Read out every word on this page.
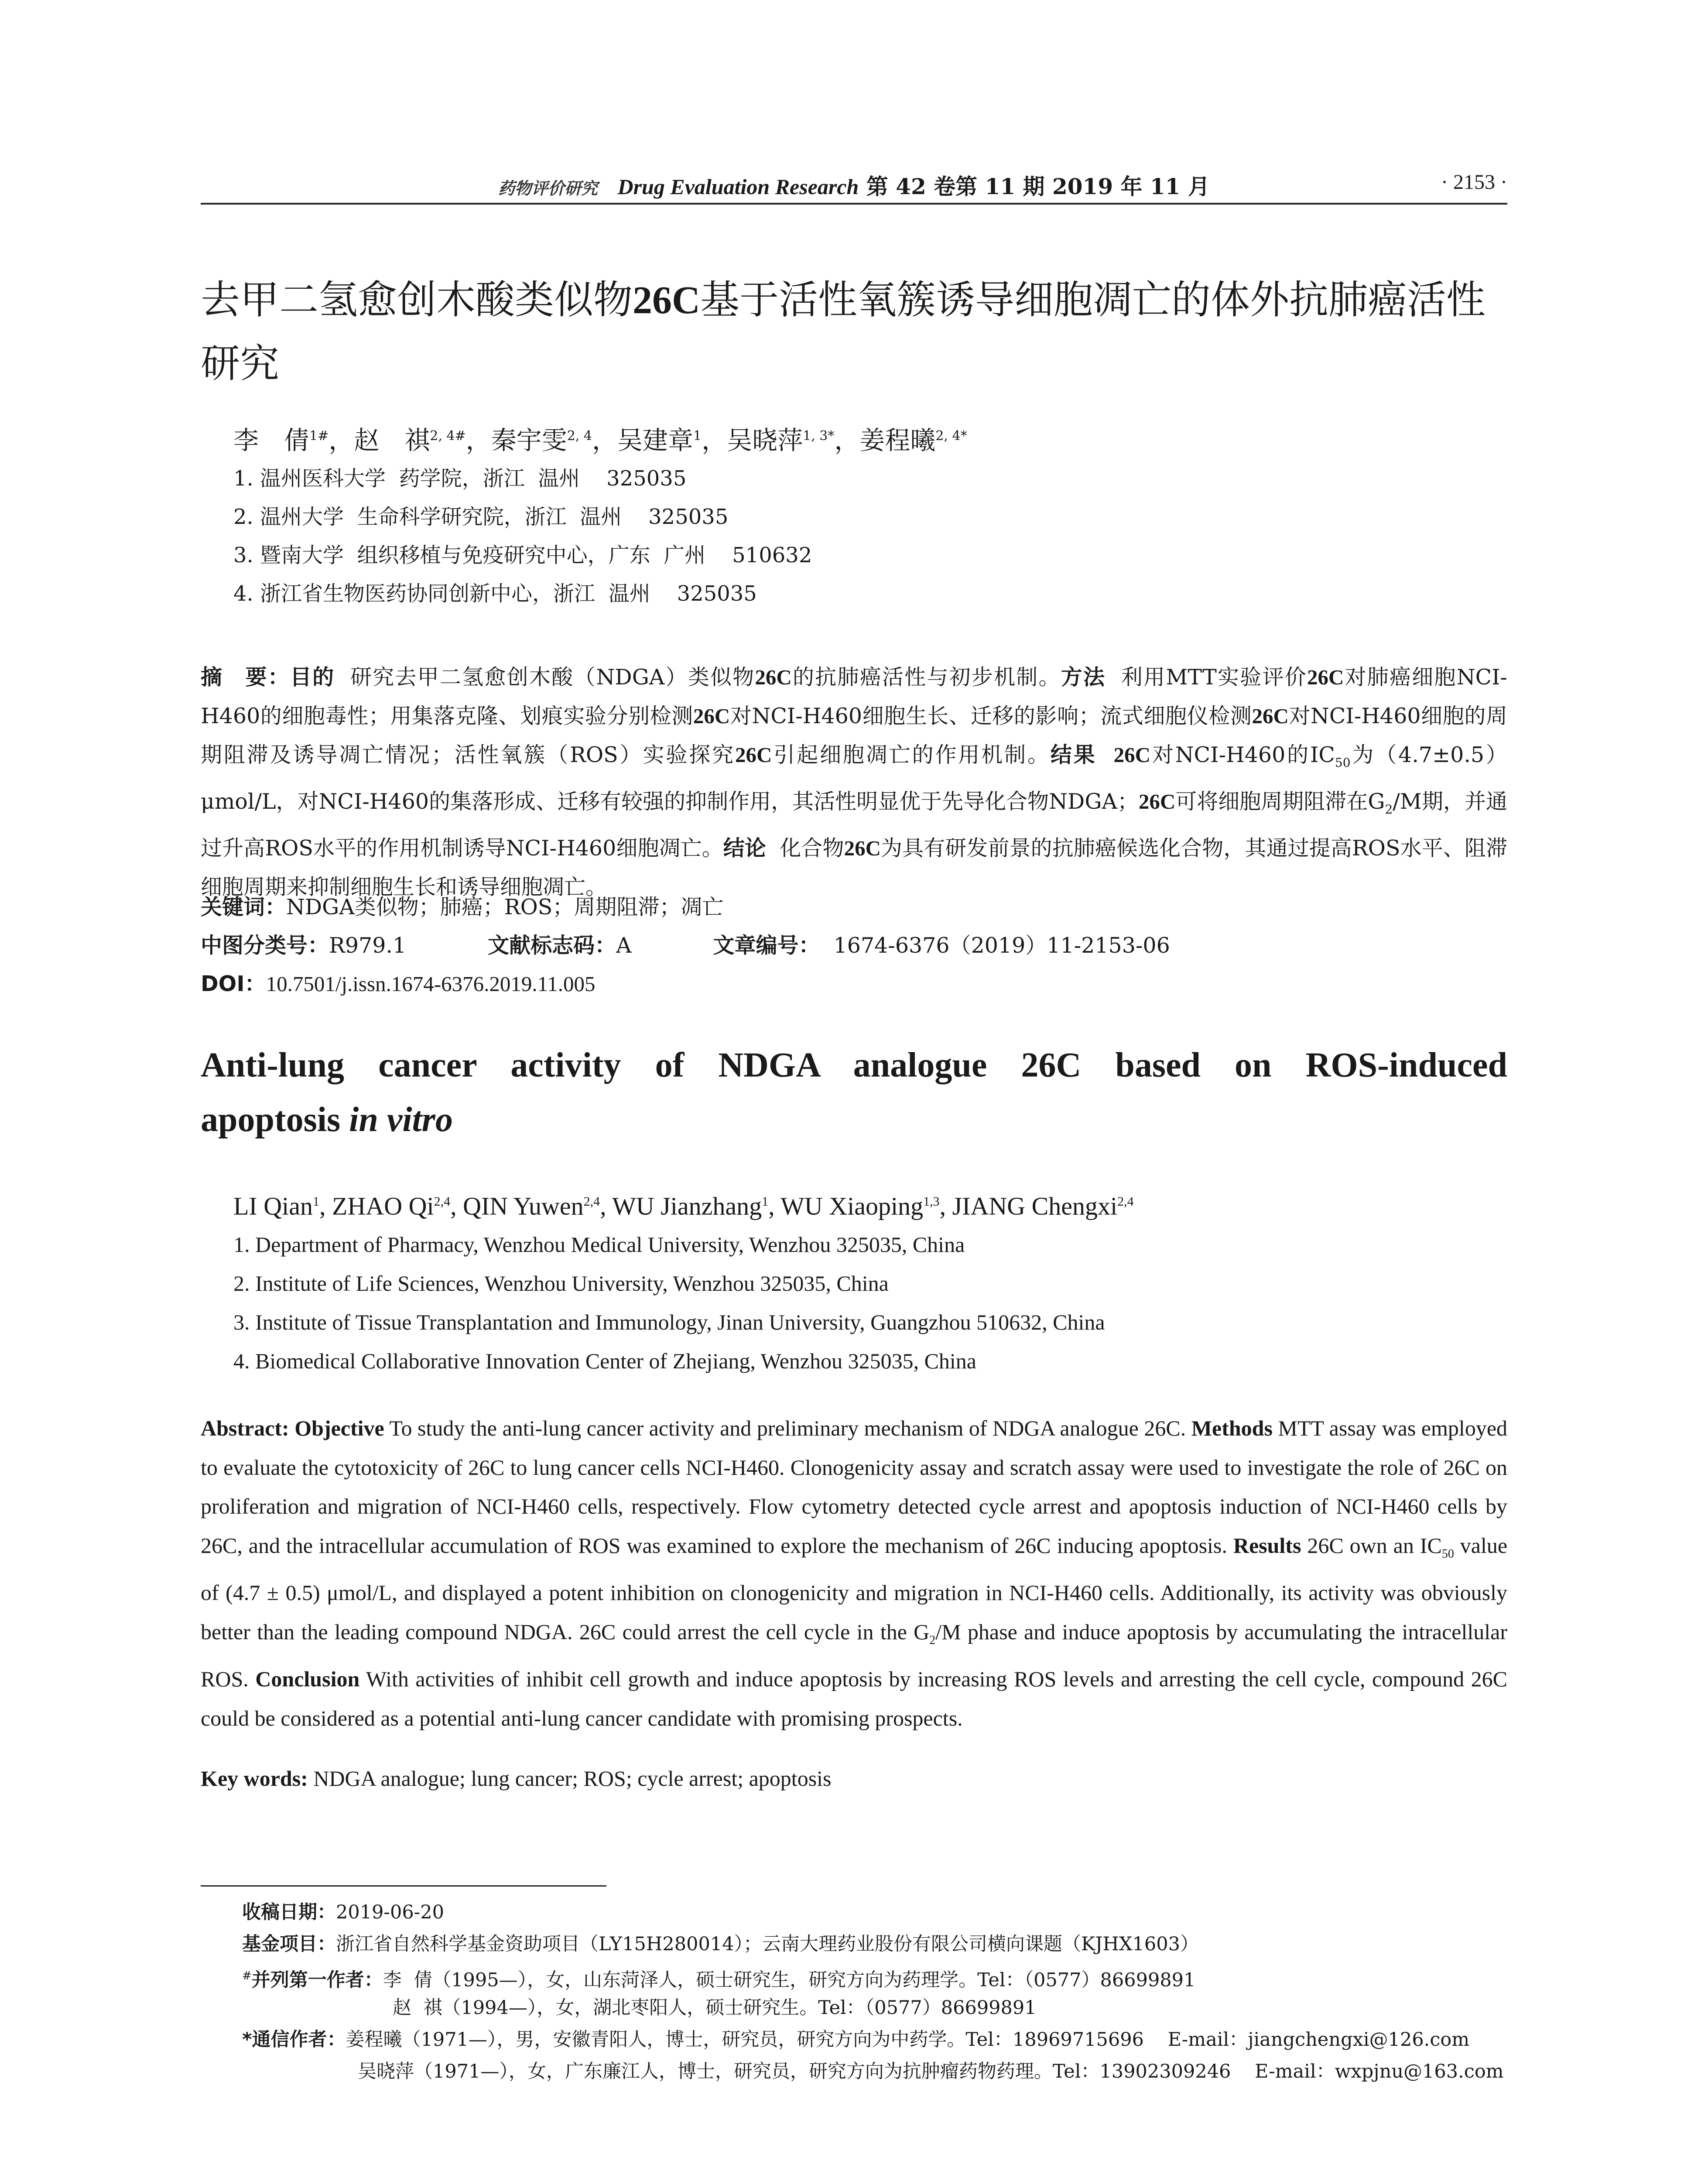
药物评价研究 Drug Evaluation Research 第 42 卷第 11 期 2019 年 11 月	· 2153 ·
去甲二氢愈创木酸类似物26C基于活性氧簇诱导细胞凋亡的体外抗肺癌活性研究
李　倩$^{1\#}$，赵　祺$^{2, 4\#}$，秦宇雯$^{2, 4}$，吴建章$^1$，吴晓萍$^{1, 3*}$，姜程曦$^{2, 4*}$
1. 温州医科大学  药学院，浙江  温州    325035
2. 温州大学  生命科学研究院，浙江  温州    325035
3. 暨南大学  组织移植与免疫研究中心，广东  广州    510632
4. 浙江省生物医药协同创新中心，浙江  温州    325035
摘　要：目的 研究去甲二氢愈创木酸（NDGA）类似物26C的抗肺癌活性与初步机制。方法 利用MTT实验评价26C对肺癌细胞NCI-H460的细胞毒性；用集落克隆、划痕实验分别检测26C对NCI-H460细胞生长、迁移的影响；流式细胞仪检测26C对NCI-H460细胞的周期阻滞及诱导凋亡情况；活性氧簇（ROS）实验探究26C引起细胞凋亡的作用机制。结果 26C对NCI-H460的$IC_{50}$为（4.7±0.5）μmol/L，对NCI-H460的集落形成、迁移有较强的抑制作用，其活性明显优于先导化合物NDGA；26C可将细胞周期阻滞在$G_2/M$期，并通过升高ROS水平的作用机制诱导NCI-H460细胞凋亡。结论 化合物26C为具有研发前景的抗肺癌候选化合物，其通过提高ROS水平、阻滞细胞周期来抑制细胞生长和诱导细胞凋亡。
关键词：NDGA类似物；肺癌；ROS；周期阻滞；凋亡
中图分类号：R979.1	文献标志码：A	文章编号： 1674-6376（2019）11-2153-06
DOI：10.7501/j.issn.1674-6376.2019.11.005
Anti-lung cancer activity of NDGA analogue 26C based on ROS-induced
apoptosis in vitro
LI Qian$^1$, ZHAO Qi$^{2,4}$, QIN Yuwen$^{2,4}$, WU Jianzhang$^1$, WU Xiaoping$^{1,3}$, JIANG Chengxi$^{2,4}$
1. Department of Pharmacy, Wenzhou Medical University, Wenzhou 325035, China
2. Institute of Life Sciences, Wenzhou University, Wenzhou 325035, China
3. Institute of Tissue Transplantation and Immunology, Jinan University, Guangzhou 510632, China
4. Biomedical Collaborative Innovation Center of Zhejiang, Wenzhou 325035, China
Abstract: Objective To study the anti-lung cancer activity and preliminary mechanism of NDGA analogue 26C. Methods MTT assay was employed to evaluate the cytotoxicity of 26C to lung cancer cells NCI-H460. Clonogenicity assay and scratch assay were used to investigate the role of 26C on proliferation and migration of NCI-H460 cells, respectively. Flow cytometry detected cycle arrest and apoptosis induction of NCI-H460 cells by 26C, and the intracellular accumulation of ROS was examined to explore the mechanism of 26C inducing apoptosis. Results 26C own an $IC_{50}$ value of (4.7 ± 0.5) μmol/L, and displayed a potent inhibition on clonogenicity and migration in NCI-H460 cells. Additionally, its activity was obviously better than the leading compound NDGA. 26C could arrest the cell cycle in the $G_2/M$ phase and induce apoptosis by accumulating the intracellular ROS. Conclusion With activities of inhibit cell growth and induce apoptosis by increasing ROS levels and arresting the cell cycle, compound 26C could be considered as a potential anti-lung cancer candidate with promising prospects.
Key words: NDGA analogue; lung cancer; ROS; cycle arrest; apoptosis
收稿日期：2019-06-20
基金项目：浙江省自然科学基金资助项目（LY15H280014）；云南大理药业股份有限公司横向课题（KJHX1603）
#并列第一作者：李  倩（1995—），女，山东菏泽人，硕士研究生，研究方向为药理学。Tel：（0577）86699891
赵  祺（1994—），女，湖北枣阳人，硕士研究生。Tel：（0577）86699891
*通信作者：姜程曦（1971—），男，安徽青阳人，博士，研究员，研究方向为中药学。Tel：18969715696    E-mail：jiangchengxi@126.com
吴晓萍（1971—），女，广东廉江人，博士，研究员，研究方向为抗肿瘤药物药理。Tel：13902309246    E-mail：wxpjnu@163.com
